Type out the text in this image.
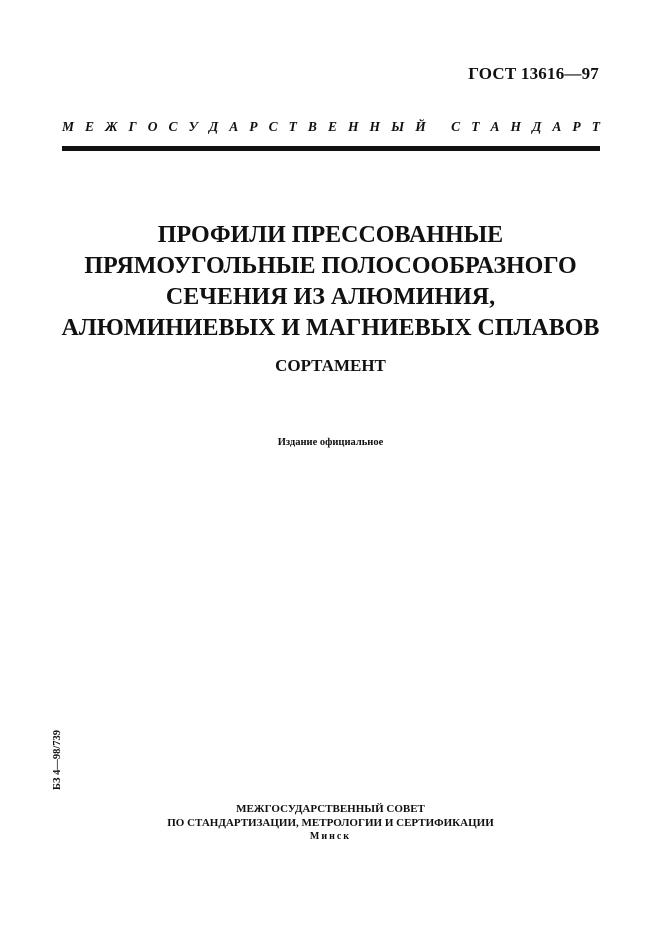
ГОСТ 13616—97
М Е Ж Г О С У Д А Р С Т В Е Н Н Ы Й
С Т А Н Д А Р Т
ПРОФИЛИ ПРЕССОВАННЫЕ
ПРЯМОУГОЛЬНЫЕ ПОЛОСООБРАЗНОГО
СЕЧЕНИЯ ИЗ АЛЮМИНИЯ,
АЛЮМИНИЕВЫХ И МАГНИЕВЫХ СПЛАВОВ
СОРТАМЕНТ
Издание официальное
БЗ 4—98/739
МЕЖГОСУДАРСТВЕННЫЙ СОВЕТ
ПО СТАНДАРТИЗАЦИИ, МЕТРОЛОГИИ И СЕРТИФИКАЦИИ
Минск
